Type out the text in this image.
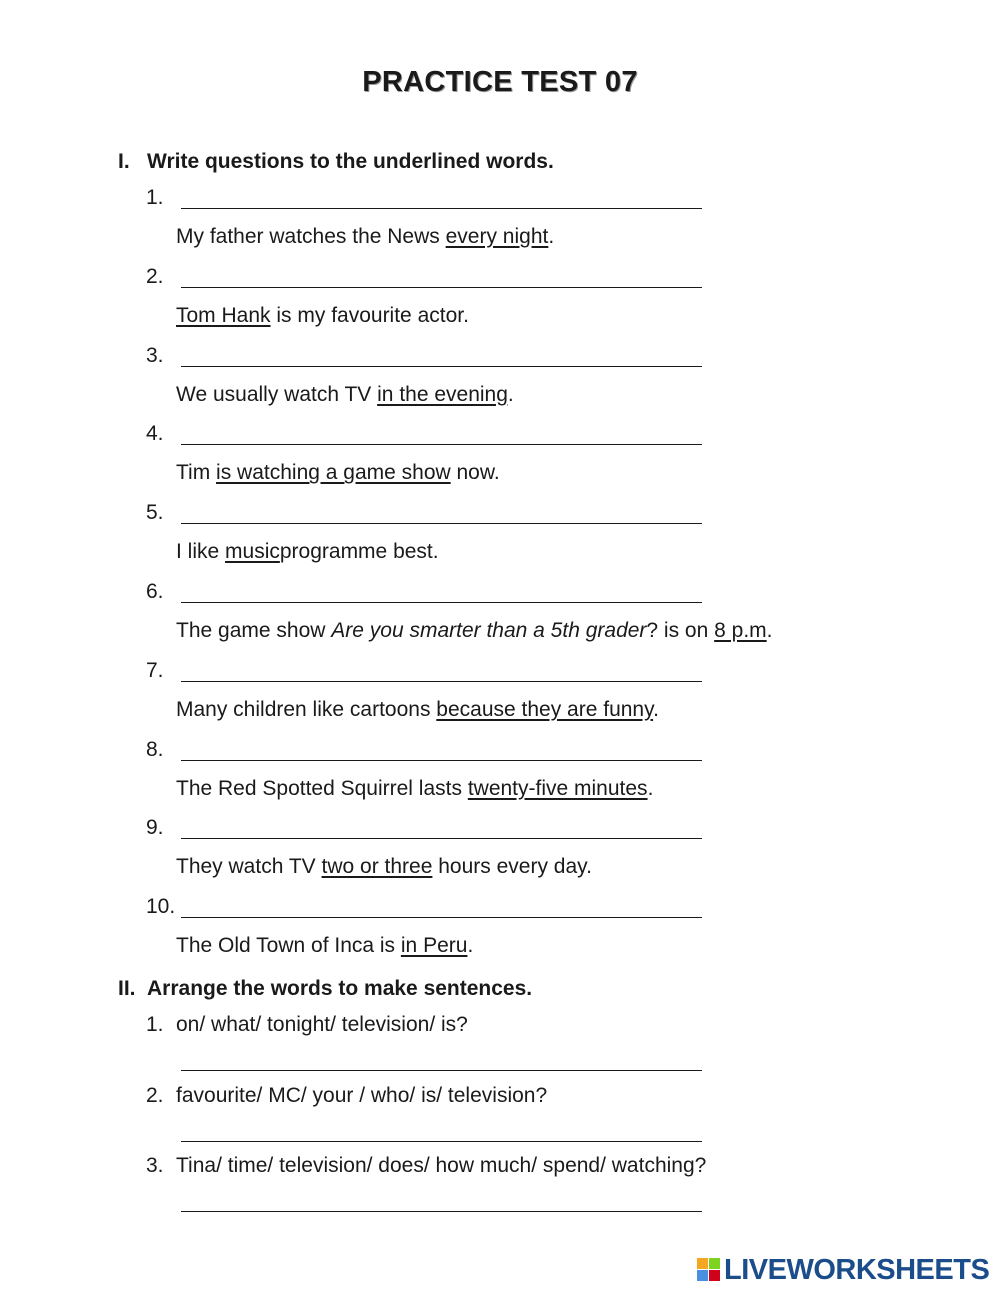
PRACTICE TEST 07
I. Write questions to the underlined words.
1.
My father watches the News every night.
2.
Tom Hank is my favourite actor.
3.
We usually watch TV in the evening.
4.
Tim is watching a game show now.
5.
I like musicprogramme best.
6.
The game show Are you smarter than a 5th grader? is on 8 p.m.
7.
Many children like cartoons because they are funny.
8.
The Red Spotted Squirrel lasts twenty-five minutes.
9.
They watch TV two or three hours every day.
10.
The Old Town of Inca is in Peru.
II. Arrange the words to make sentences.
1. on/ what/ tonight/ television/ is?
2. favourite/ MC/ your / who/ is/ television?
3. Tina/ time/ television/ does/ how much/ spend/ watching?
LIVEWORKSHEETS
